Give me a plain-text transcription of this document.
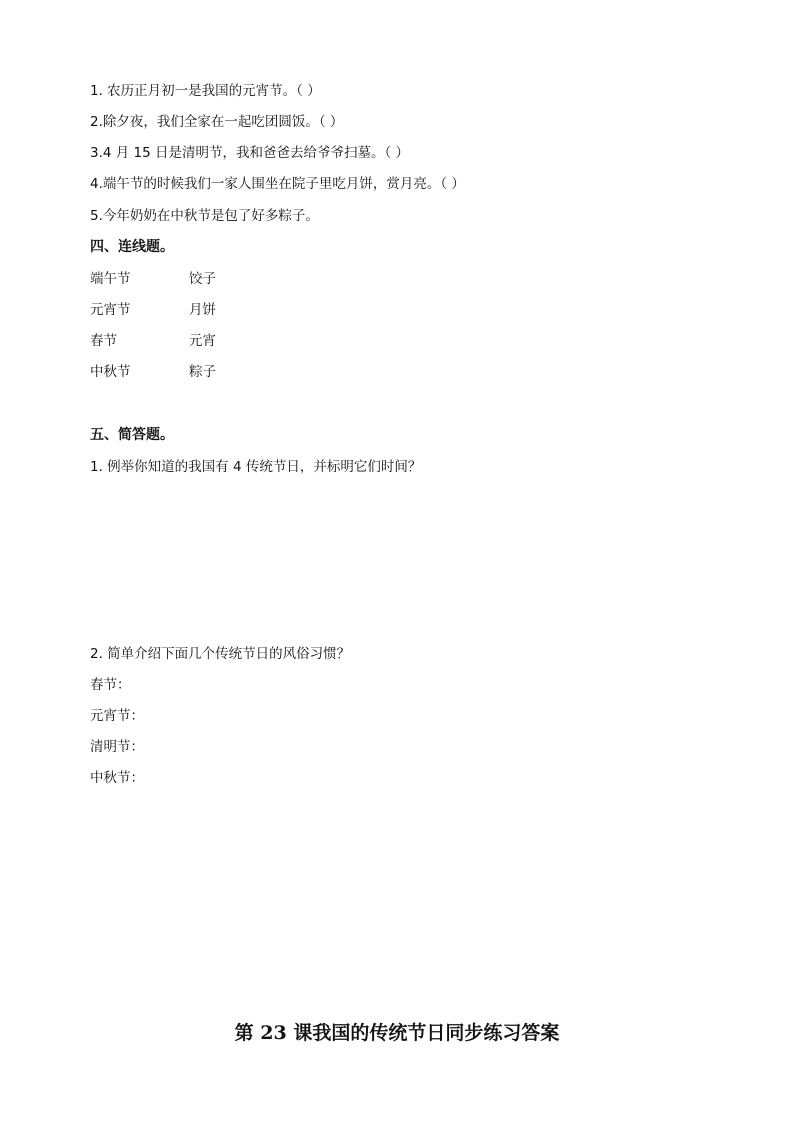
1. 农历正月初一是我国的元宵节。（ ）
2.除夕夜，我们全家在一起吃团圆饭。（ ）
3.4 月 15 日是清明节，我和爸爸去给爷爷扫墓。（ ）
4.端午节的时候我们一家人围坐在院子里吃月饼，赏月亮。（ ）
5.今年奶奶在中秋节是包了好多粽子。
四、连线题。
端午节	饺子
元宵节	月饼
春节	元宵
中秋节	粽子
五、简答题。
1. 例举你知道的我国有 4 传统节日，并标明它们时间？
2. 简单介绍下面几个传统节日的风俗习惯？
春节：
元宵节：
清明节：
中秋节：
第 23 课我国的传统节日同步练习答案
